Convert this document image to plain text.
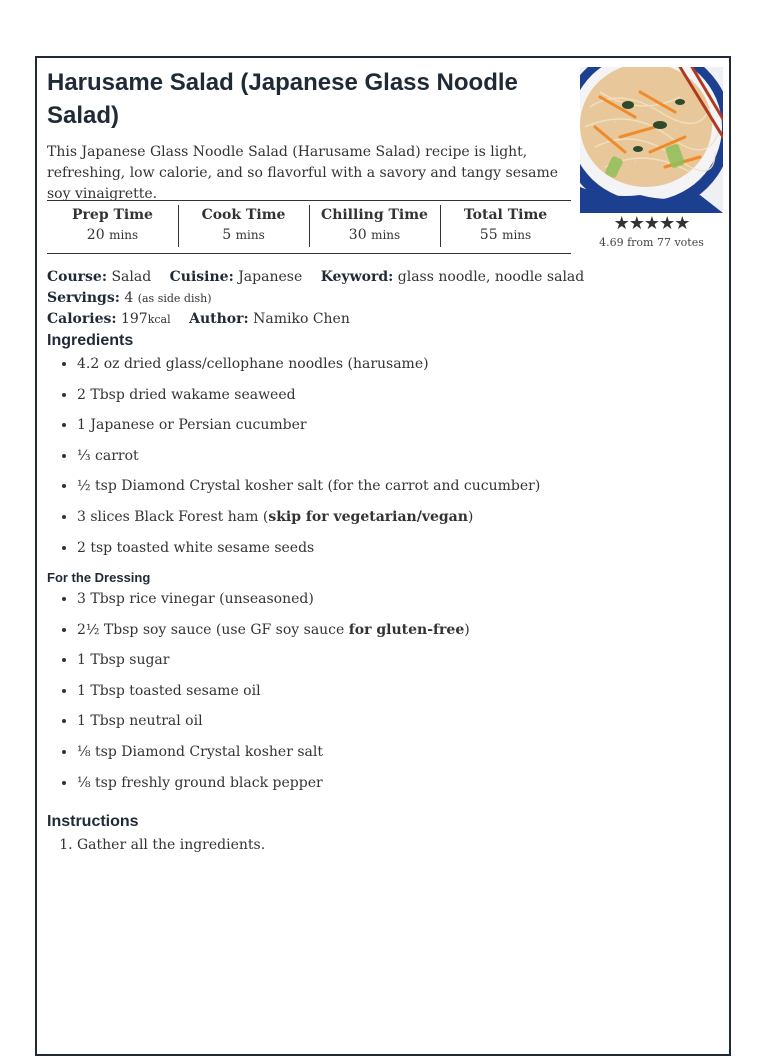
Harusame Salad (Japanese Glass Noodle Salad)

This Japanese Glass Noodle Salad (Harusame Salad) recipe is light, refreshing, low calorie, and so flavorful with a savory and tangy sesame soy vinaigrette.

★★★★★
4.69 from 77 votes
Prep Time
20 mins
Cook Time
5 mins
Chilling Time
30 mins
Total Time
55 mins
Course: Salad Cuisine: Japanese Keyword: glass noodle, noodle salad Servings: 4 (as side dish)
Calories: 197kcal Author: Namiko Chen
Ingredients
• 4.2 oz dried glass/cellophane noodles (harusame)
• 2 Tbsp dried wakame seaweed
• 1 Japanese or Persian cucumber
• ⅓ carrot
• ½ tsp Diamond Crystal kosher salt (for the carrot and cucumber)
• 3 slices Black Forest ham (skip for vegetarian/vegan)
• 2 tsp toasted white sesame seeds
For the Dressing
• 3 Tbsp rice vinegar (unseasoned)
• 2½ Tbsp soy sauce (use GF soy sauce for gluten-free)
• 1 Tbsp sugar
• 1 Tbsp toasted sesame oil
• 1 Tbsp neutral oil
• ⅛ tsp Diamond Crystal kosher salt
• ⅛ tsp freshly ground black pepper
Instructions
1. Gather all the ingredients.
